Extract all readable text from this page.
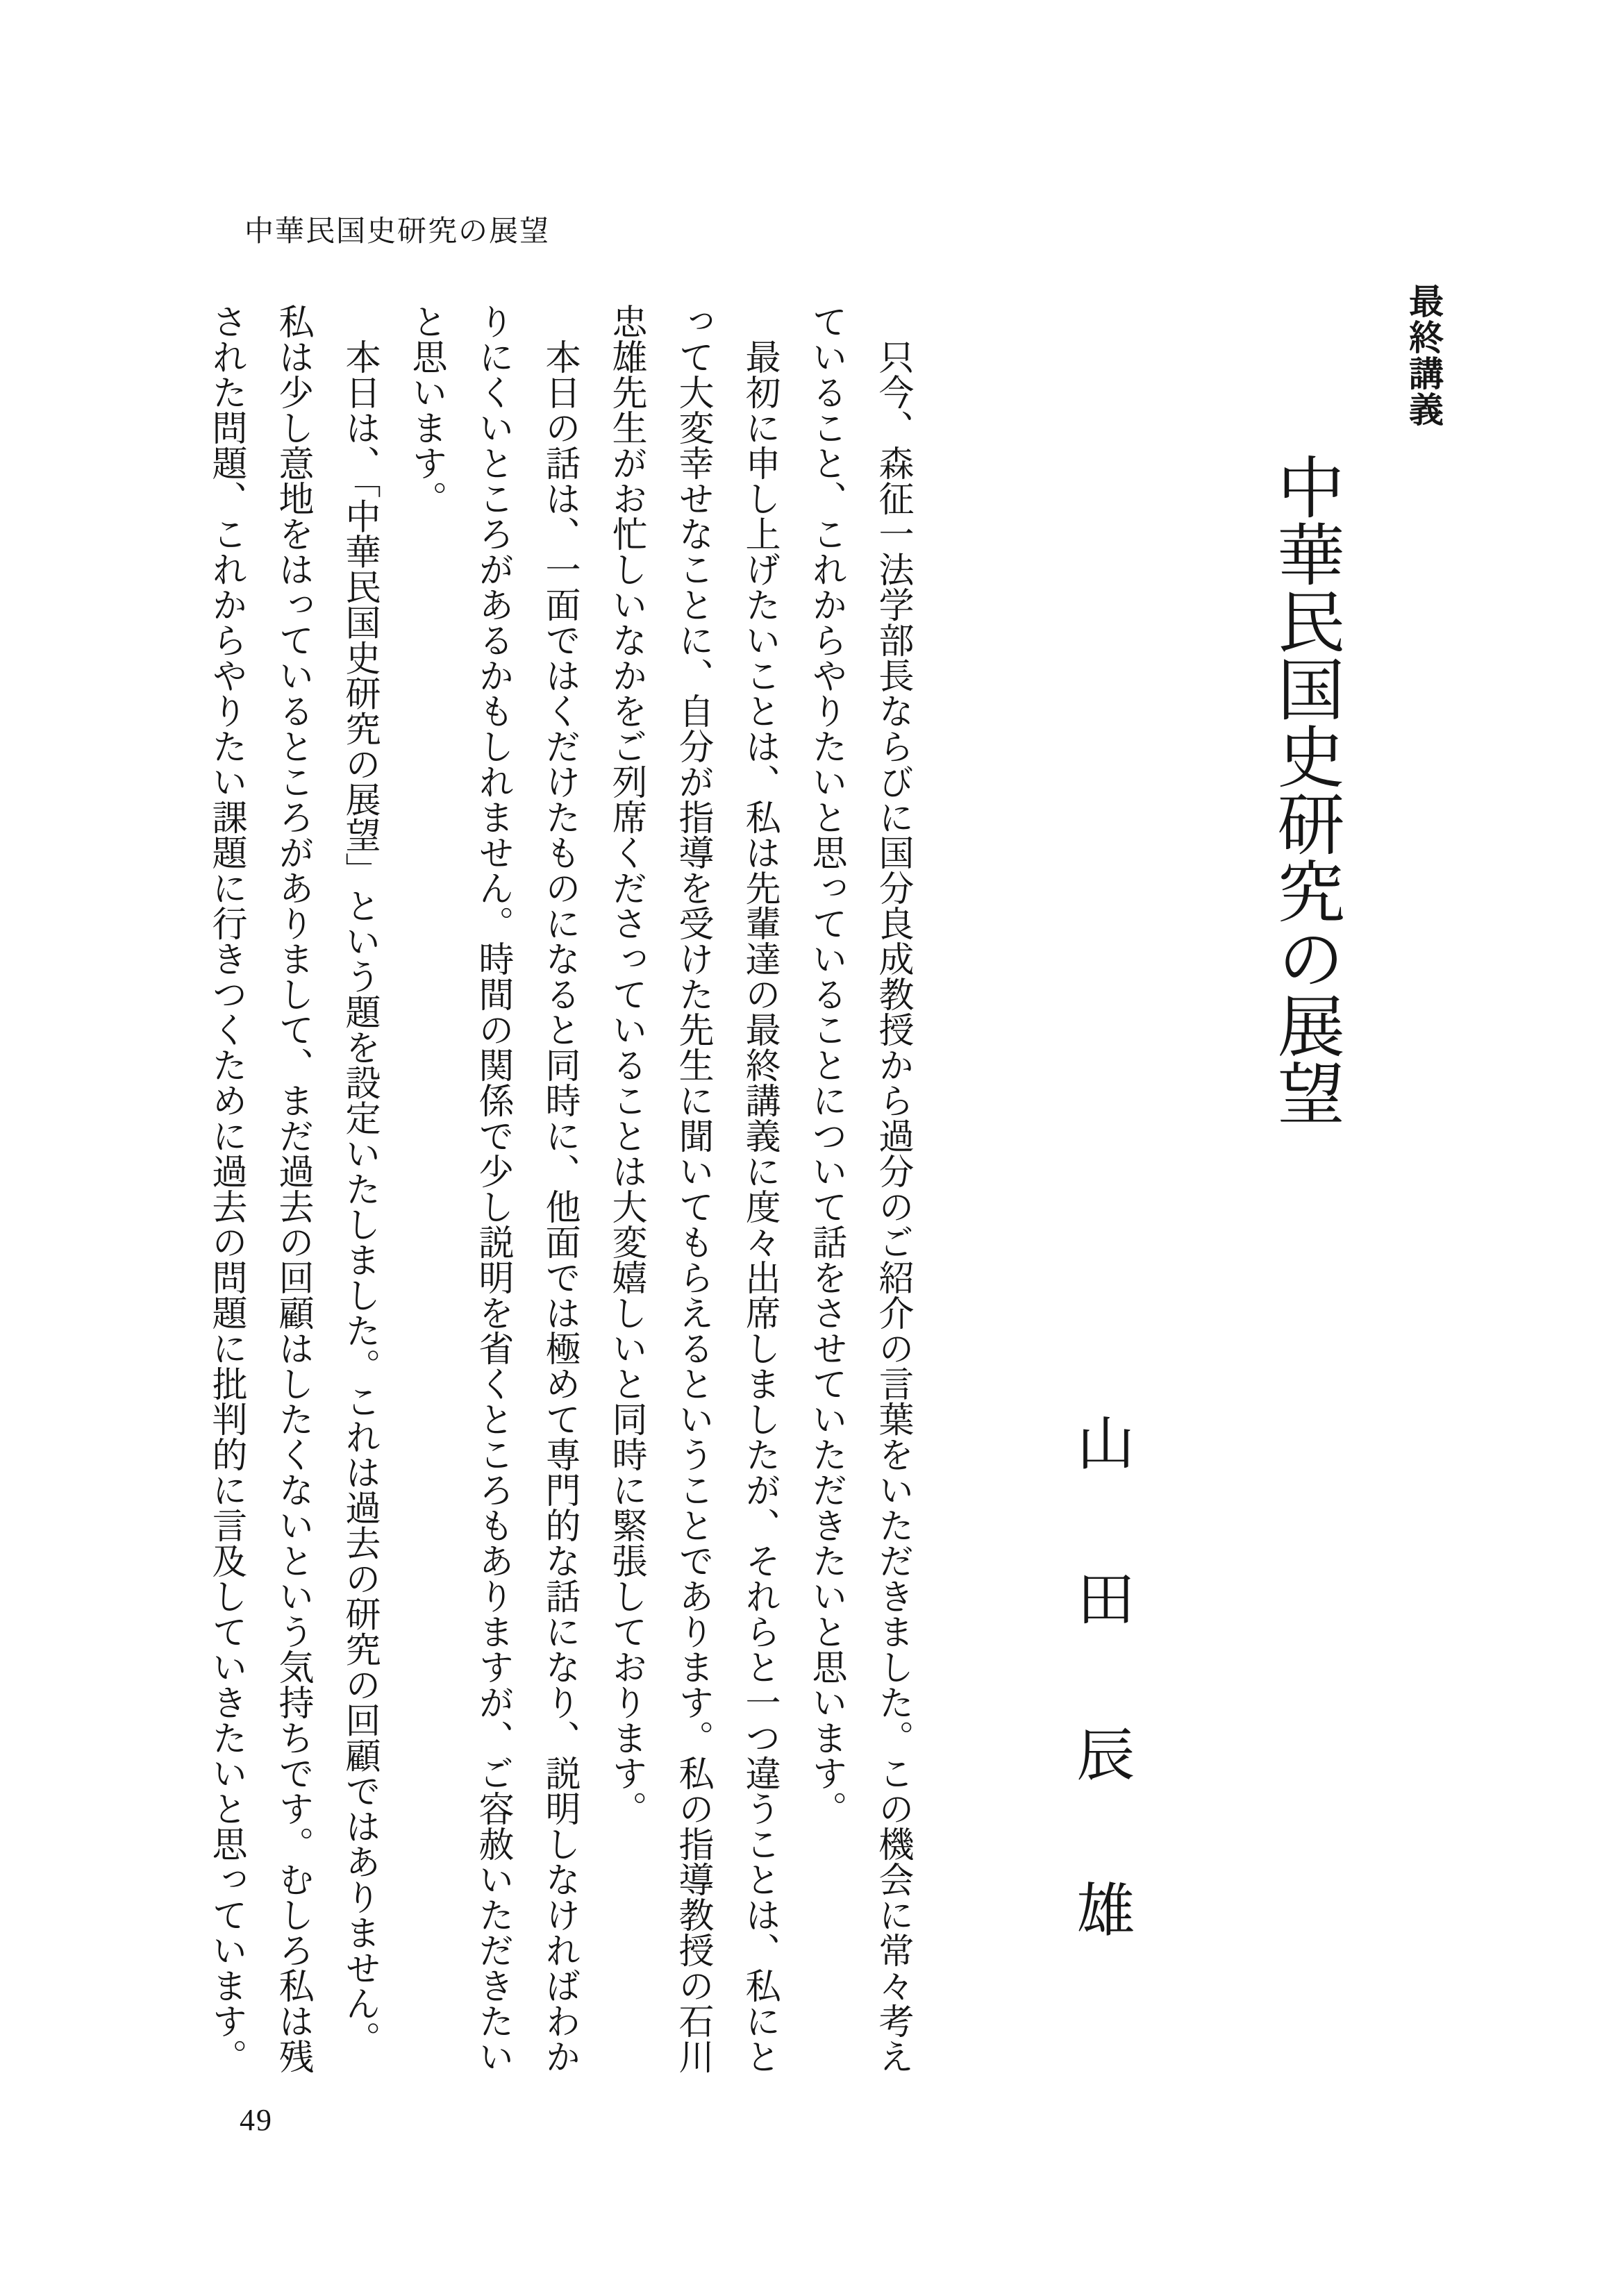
中華民国史研究の展望
最終講義
中華民国史研究の展望
山田辰雄
　只今、森征一法学部長ならびに国分良成教授から過分のご紹介の言葉をいただきました。この機会に常々考え
ていること、これからやりたいと思っていることについて話をさせていただきたいと思います。
　最初に申し上げたいことは、私は先輩達の最終講義に度々出席しましたが、それらと一つ違うことは、私にと
って大変幸せなことに、自分が指導を受けた先生に聞いてもらえるということであります。私の指導教授の石川
忠雄先生がお忙しいなかをご列席くださっていることは大変嬉しいと同時に緊張しております。
　本日の話は、一面ではくだけたものになると同時に、他面では極めて専門的な話になり、説明しなければわか
りにくいところがあるかもしれません。時間の関係で少し説明を省くところもありますが、ご容赦いただきたい
と思います。
　本日は、「中華民国史研究の展望」という題を設定いたしました。これは過去の研究の回顧ではありません。
私は少し意地をはっているところがありまして、まだ過去の回顧はしたくないという気持ちです。むしろ私は残
された問題、これからやりたい課題に行きつくために過去の問題に批判的に言及していきたいと思っています。
49
